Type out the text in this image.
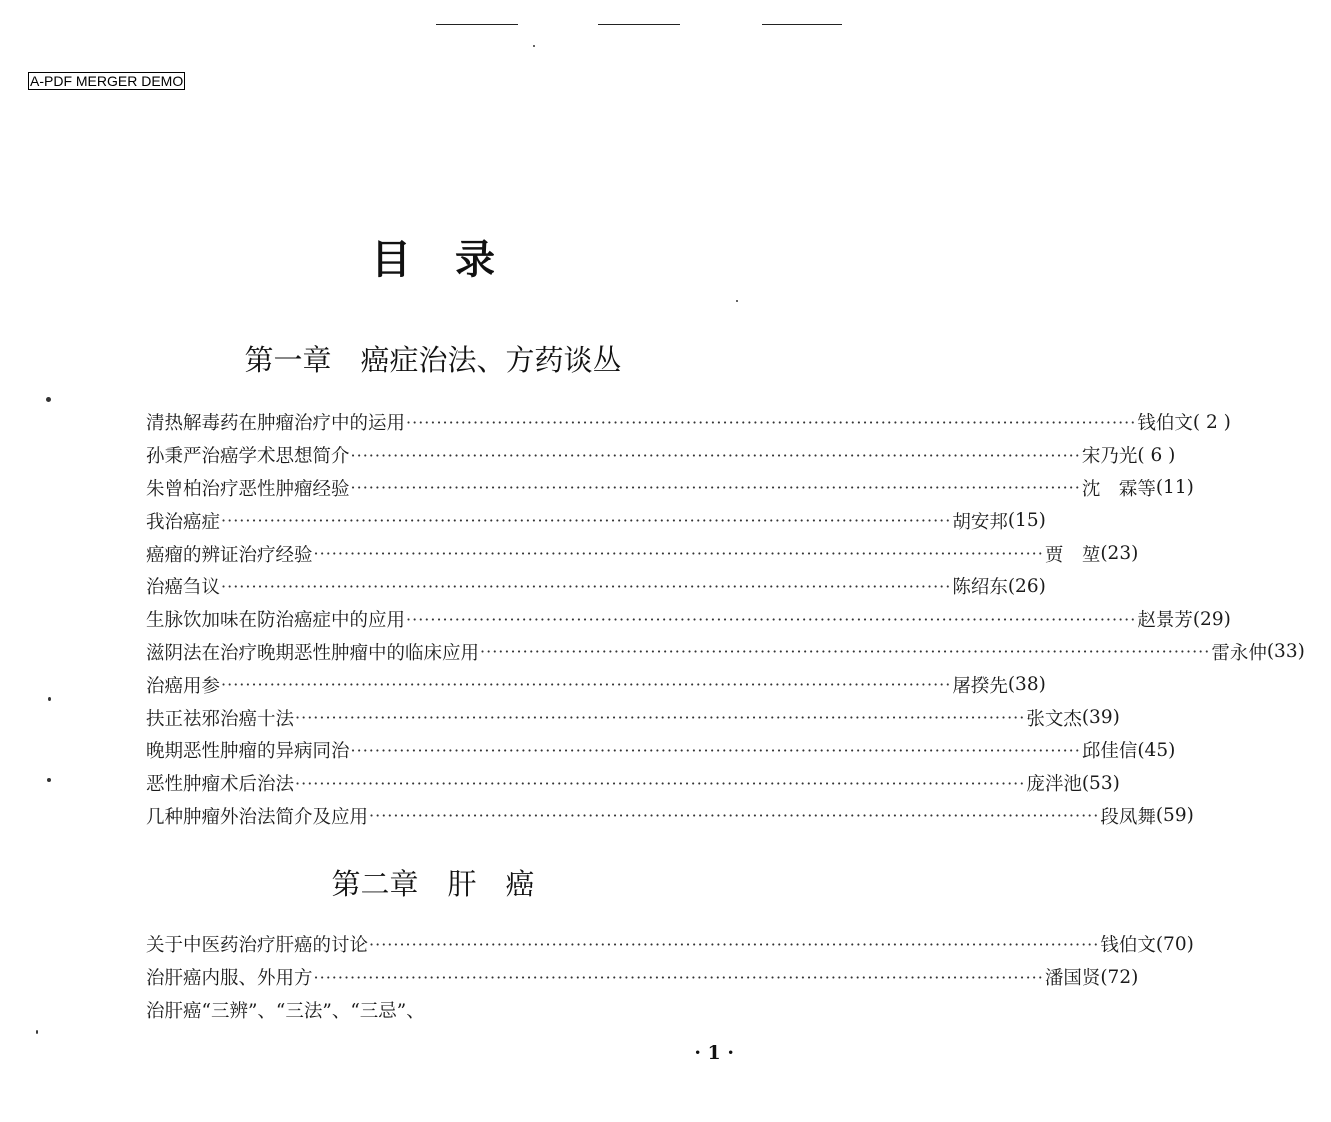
A-PDF MERGER DEMO
目录
第一章　癌症治法、方药谈丛
清热解毒药在肿瘤治疗中的运用 ························································································································ 钱伯文 ( 2 )
孙秉严治癌学术思想简介 ························································································································ 宋乃光 ( 6 )
朱曾柏治疗恶性肿瘤经验 ························································································································ 沈　霖等 (11)
我治癌症 ························································································································ 胡安邦 (15)
癌瘤的辨证治疗经验 ························································································································ 贾　堃 (23)
治癌刍议 ························································································································ 陈绍东 (26)
生脉饮加味在防治癌症中的应用 ························································································································ 赵景芳 (29)
滋阴法在治疗晚期恶性肿瘤中的临床应用 ························································································································ 雷永仲 (33)
治癌用参 ························································································································ 屠揆先 (38)
扶正祛邪治癌十法 ························································································································ 张文杰 (39)
晚期恶性肿瘤的异病同治 ························································································································ 邱佳信 (45)
恶性肿瘤术后治法 ························································································································ 庞泮池 (53)
几种肿瘤外治法简介及应用 ························································································································ 段凤舞 (59)
第二章　肝　癌
关于中医药治疗肝癌的讨论 ························································································································ 钱伯文 (70)
治肝癌内服、外用方 ························································································································ 潘国贤 (72)
治肝癌“三辨”、“三法”、“三忌”、
· 1 ·
